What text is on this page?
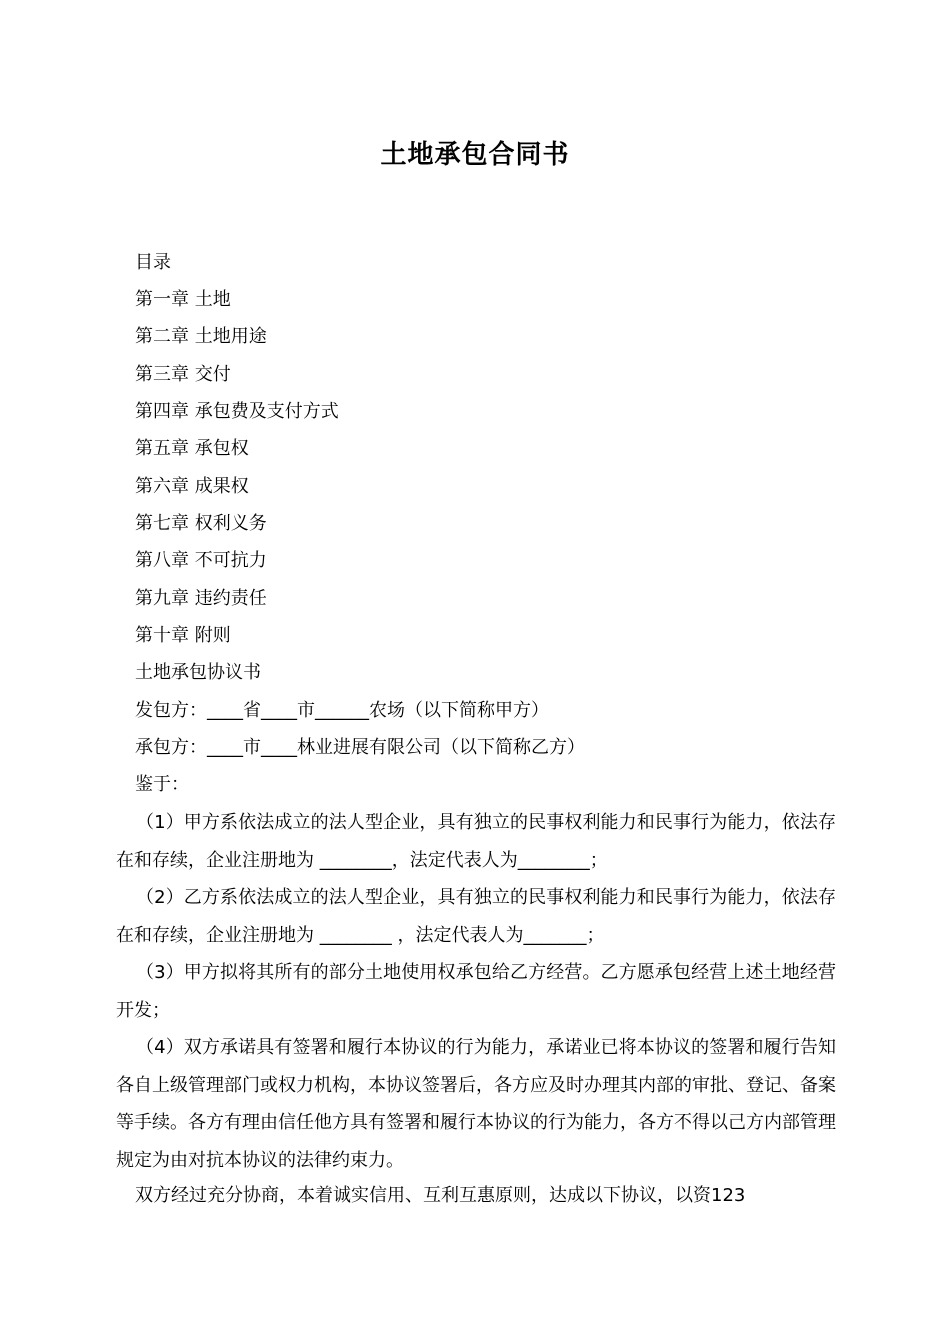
土地承包合同书
目录
第一章 土地
第二章 土地用途
第三章 交付
第四章 承包费及支付方式
第五章 承包权
第六章 成果权
第七章 权利义务
第八章 不可抗力
第九章 违约责任
第十章 附则
土地承包协议书
发包方：____省____市______农场（以下简称甲方）
承包方：____市____林业进展有限公司（以下简称乙方）
鉴于：
（1）甲方系依法成立的法人型企业，具有独立的民事权利能力和民事行为能力，依法存在和存续，企业注册地为 ________，法定代表人为________；
（2）乙方系依法成立的法人型企业，具有独立的民事权利能力和民事行为能力，依法存在和存续，企业注册地为 ________ ，法定代表人为_______；
（3）甲方拟将其所有的部分土地使用权承包给乙方经营。乙方愿承包经营上述土地经营开发；
（4）双方承诺具有签署和履行本协议的行为能力，承诺业已将本协议的签署和履行告知各自上级管理部门或权力机构，本协议签署后，各方应及时办理其内部的审批、登记、备案等手续。各方有理由信任他方具有签署和履行本协议的行为能力，各方不得以己方内部管理规定为由对抗本协议的法律约束力。
双方经过充分协商，本着诚实信用、互利互惠原则，达成以下协议，以资123
